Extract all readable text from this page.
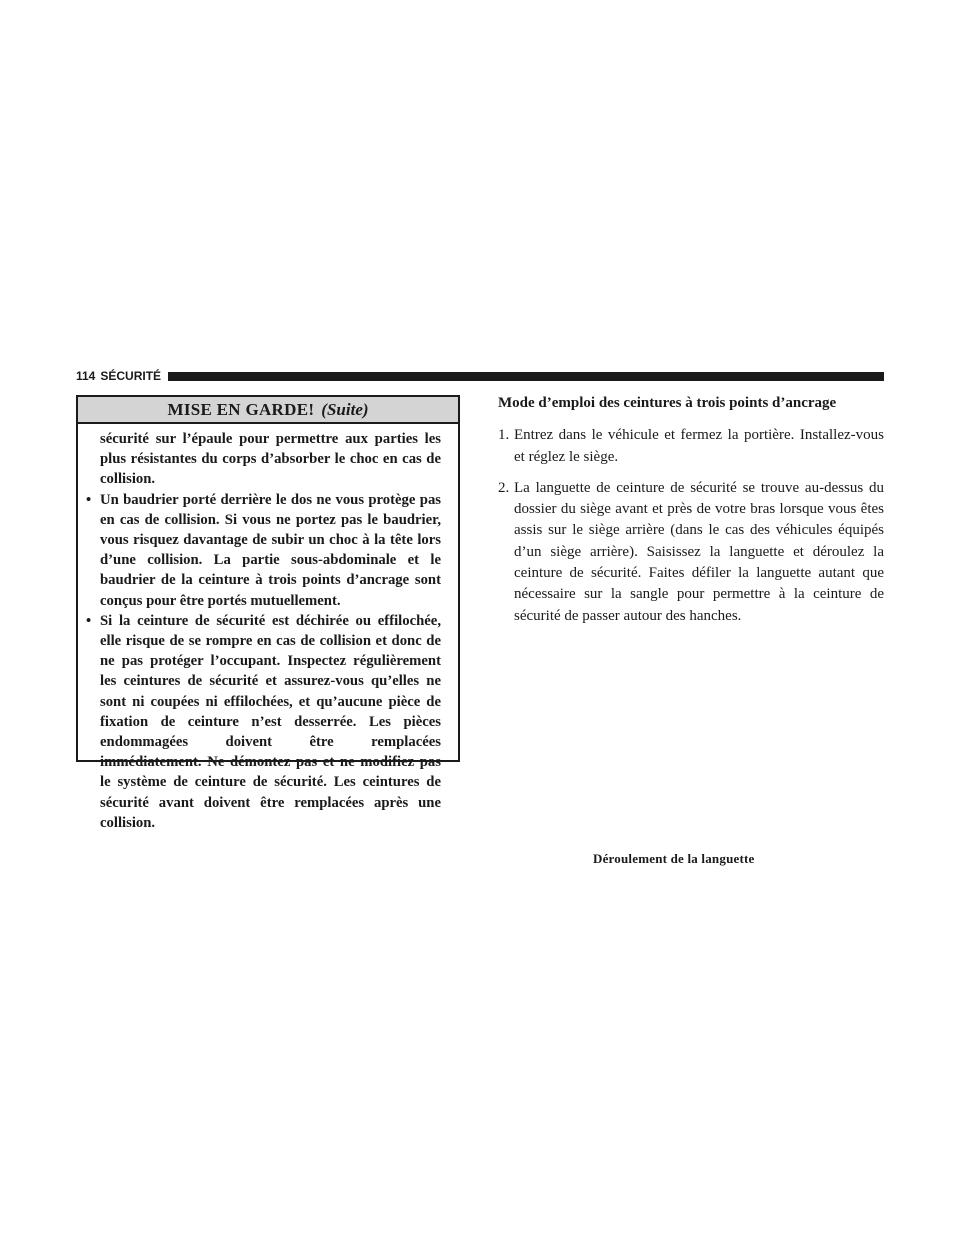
114 SÉCURITÉ
MISE EN GARDE! (Suite)
sécurité sur l’épaule pour permettre aux parties les plus résistantes du corps d’absorber le choc en cas de collision.
• Un baudrier porté derrière le dos ne vous protège pas en cas de collision. Si vous ne portez pas le baudrier, vous risquez davantage de subir un choc à la tête lors d’une collision. La partie sous-abdominale et le baudrier de la ceinture à trois points d’ancrage sont conçus pour être portés mutuellement.
• Si la ceinture de sécurité est déchirée ou effilochée, elle risque de se rompre en cas de collision et donc de ne pas protéger l’occupant. Inspectez régulièrement les ceintures de sécurité et assurez-vous qu’elles ne sont ni coupées ni effilochées, et qu’aucune pièce de fixation de ceinture n’est desserrée. Les pièces endommagées doivent être remplacées immédiatement. Ne démontez pas et ne modifiez pas le système de ceinture de sécurité. Les ceintures de sécurité avant doivent être remplacées après une collision.
Mode d’emploi des ceintures à trois points d’ancrage
1. Entrez dans le véhicule et fermez la portière. Installez-vous et réglez le siège.
2. La languette de ceinture de sécurité se trouve au-dessus du dossier du siège avant et près de votre bras lorsque vous êtes assis sur le siège arrière (dans le cas des véhicules équipés d’un siège arrière). Saisissez la languette et déroulez la ceinture de sécurité. Faites défiler la languette autant que nécessaire sur la sangle pour permettre à la ceinture de sécurité de passer autour des hanches.
Déroulement de la languette
